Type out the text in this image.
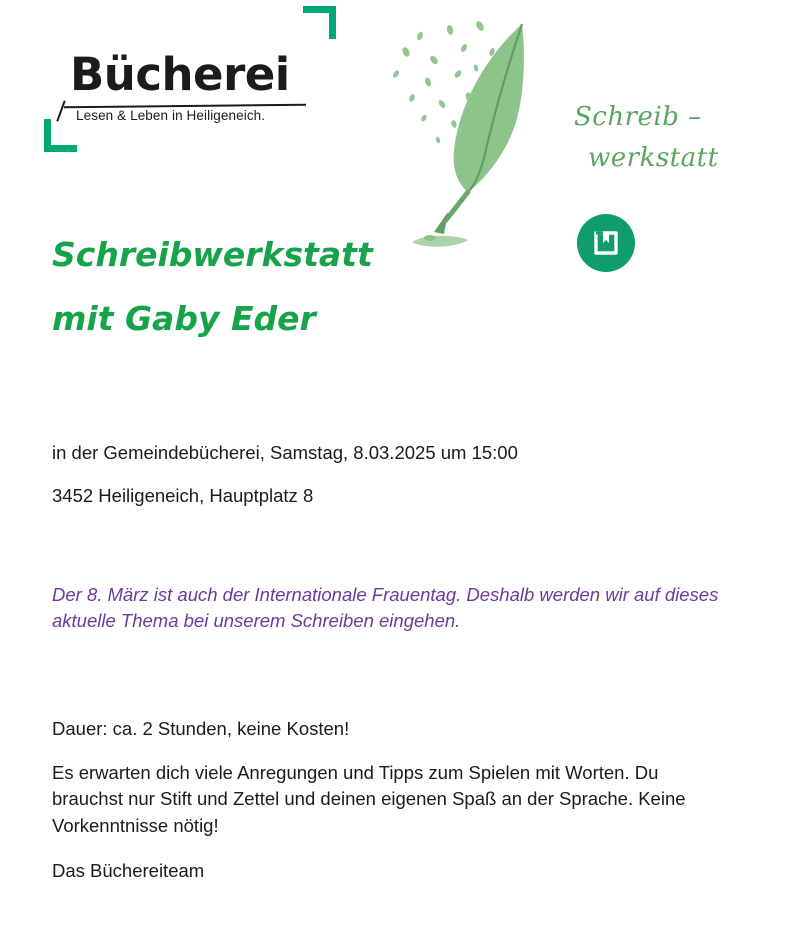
Bücherei
Lesen & Leben in Heiligeneich.	Schreib –
werkstatt
Schreibwerkstatt
mit Gaby Eder
in der Gemeindebücherei, Samstag, 8.03.2025 um 15:00
3452 Heiligeneich, Hauptplatz 8
Der 8. März ist auch der Internationale Frauentag. Deshalb werden wir auf dieses aktuelle Thema bei unserem Schreiben eingehen.
Dauer: ca. 2 Stunden, keine Kosten!
Es erwarten dich viele Anregungen und Tipps zum Spielen mit Worten. Du brauchst nur Stift und Zettel und deinen eigenen Spaß an der Sprache. Keine Vorkenntnisse nötig!
Das Büchereiteam
